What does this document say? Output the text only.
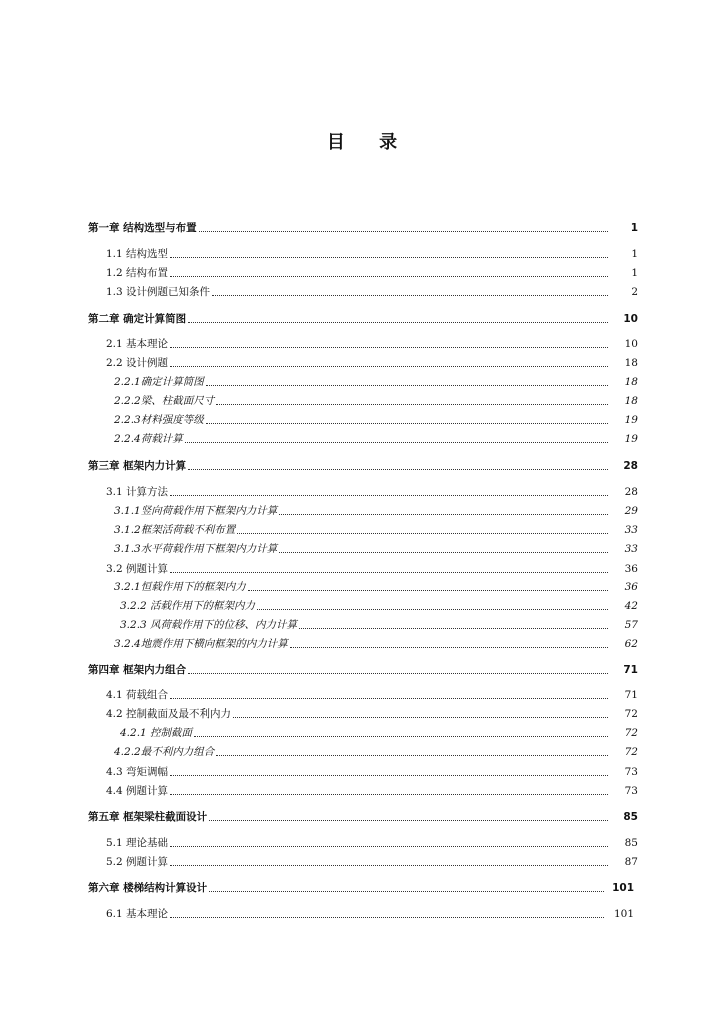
目 录
第一章 结构选型与布置	1
1.1 结构选型	1
1.2 结构布置	1
1.3 设计例题已知条件	2
第二章 确定计算简图	10
2.1 基本理论	10
2.2 设计例题	18
2.2.1确定计算简图	18
2.2.2梁、柱截面尺寸	18
2.2.3材料强度等级	19
2.2.4荷载计算	19
第三章 框架内力计算	28
3.1 计算方法	28
3.1.1竖向荷载作用下框架内力计算	29
3.1.2框架活荷载不利布置	33
3.1.3水平荷载作用下框架内力计算	33
3.2 例题计算	36
3.2.1恒载作用下的框架内力	36
3.2.2 活载作用下的框架内力	42
3.2.3 风荷载作用下的位移、内力计算	57
3.2.4地震作用下横向框架的内力计算	62
第四章 框架内力组合	71
4.1 荷载组合	71
4.2 控制截面及最不利内力	72
4.2.1 控制截面	72
4.2.2最不利内力组合	72
4.3 弯矩调幅	73
4.4 例题计算	73
第五章 框架梁柱截面设计	85
5.1 理论基础	85
5.2 例题计算	87
第六章 楼梯结构计算设计	101
6.1 基本理论	101
